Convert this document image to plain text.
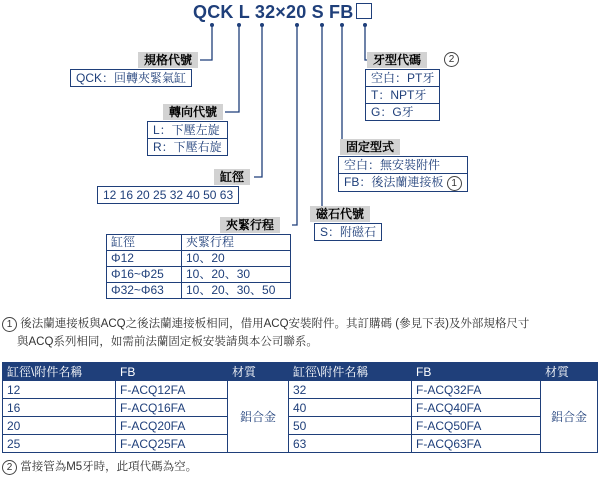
QCK L 32×20 S FB
規格代號
QCK：回轉夾緊氣缸
轉向代號
L：下壓左旋
R：下壓右旋
缸徑
12 16 20 25 32 40 50 63
夾緊行程
缸徑	夾緊行程
Φ12	10、20
Φ16~Φ25	10、20、30
Φ32~Φ63	10、20、30、50
磁石代號
S：附磁石
固定型式
空白：無安裝附件
FB：後法蘭連接板 1
牙型代碼	2
空白：PT牙
T：NPT牙
G：G牙
1 後法蘭連接板與ACQ之後法蘭連接板相同，借用ACQ安裝附件。其訂購碼 (參見下表)及外部規格尺寸
與ACQ系列相同，如需前法蘭固定板安裝請與本公司聯系。
缸徑\附件名稱	FB	材質	缸徑\附件名稱	FB	材質
12	F-ACQ12FA	鋁合金	32	F-ACQ32FA	鋁合金
16	F-ACQ16FA		40	F-ACQ40FA	
20	F-ACQ20FA		50	F-ACQ50FA	
25	F-ACQ25FA		63	F-ACQ63FA	
2 當接管為M5牙時，此項代碼為空。
